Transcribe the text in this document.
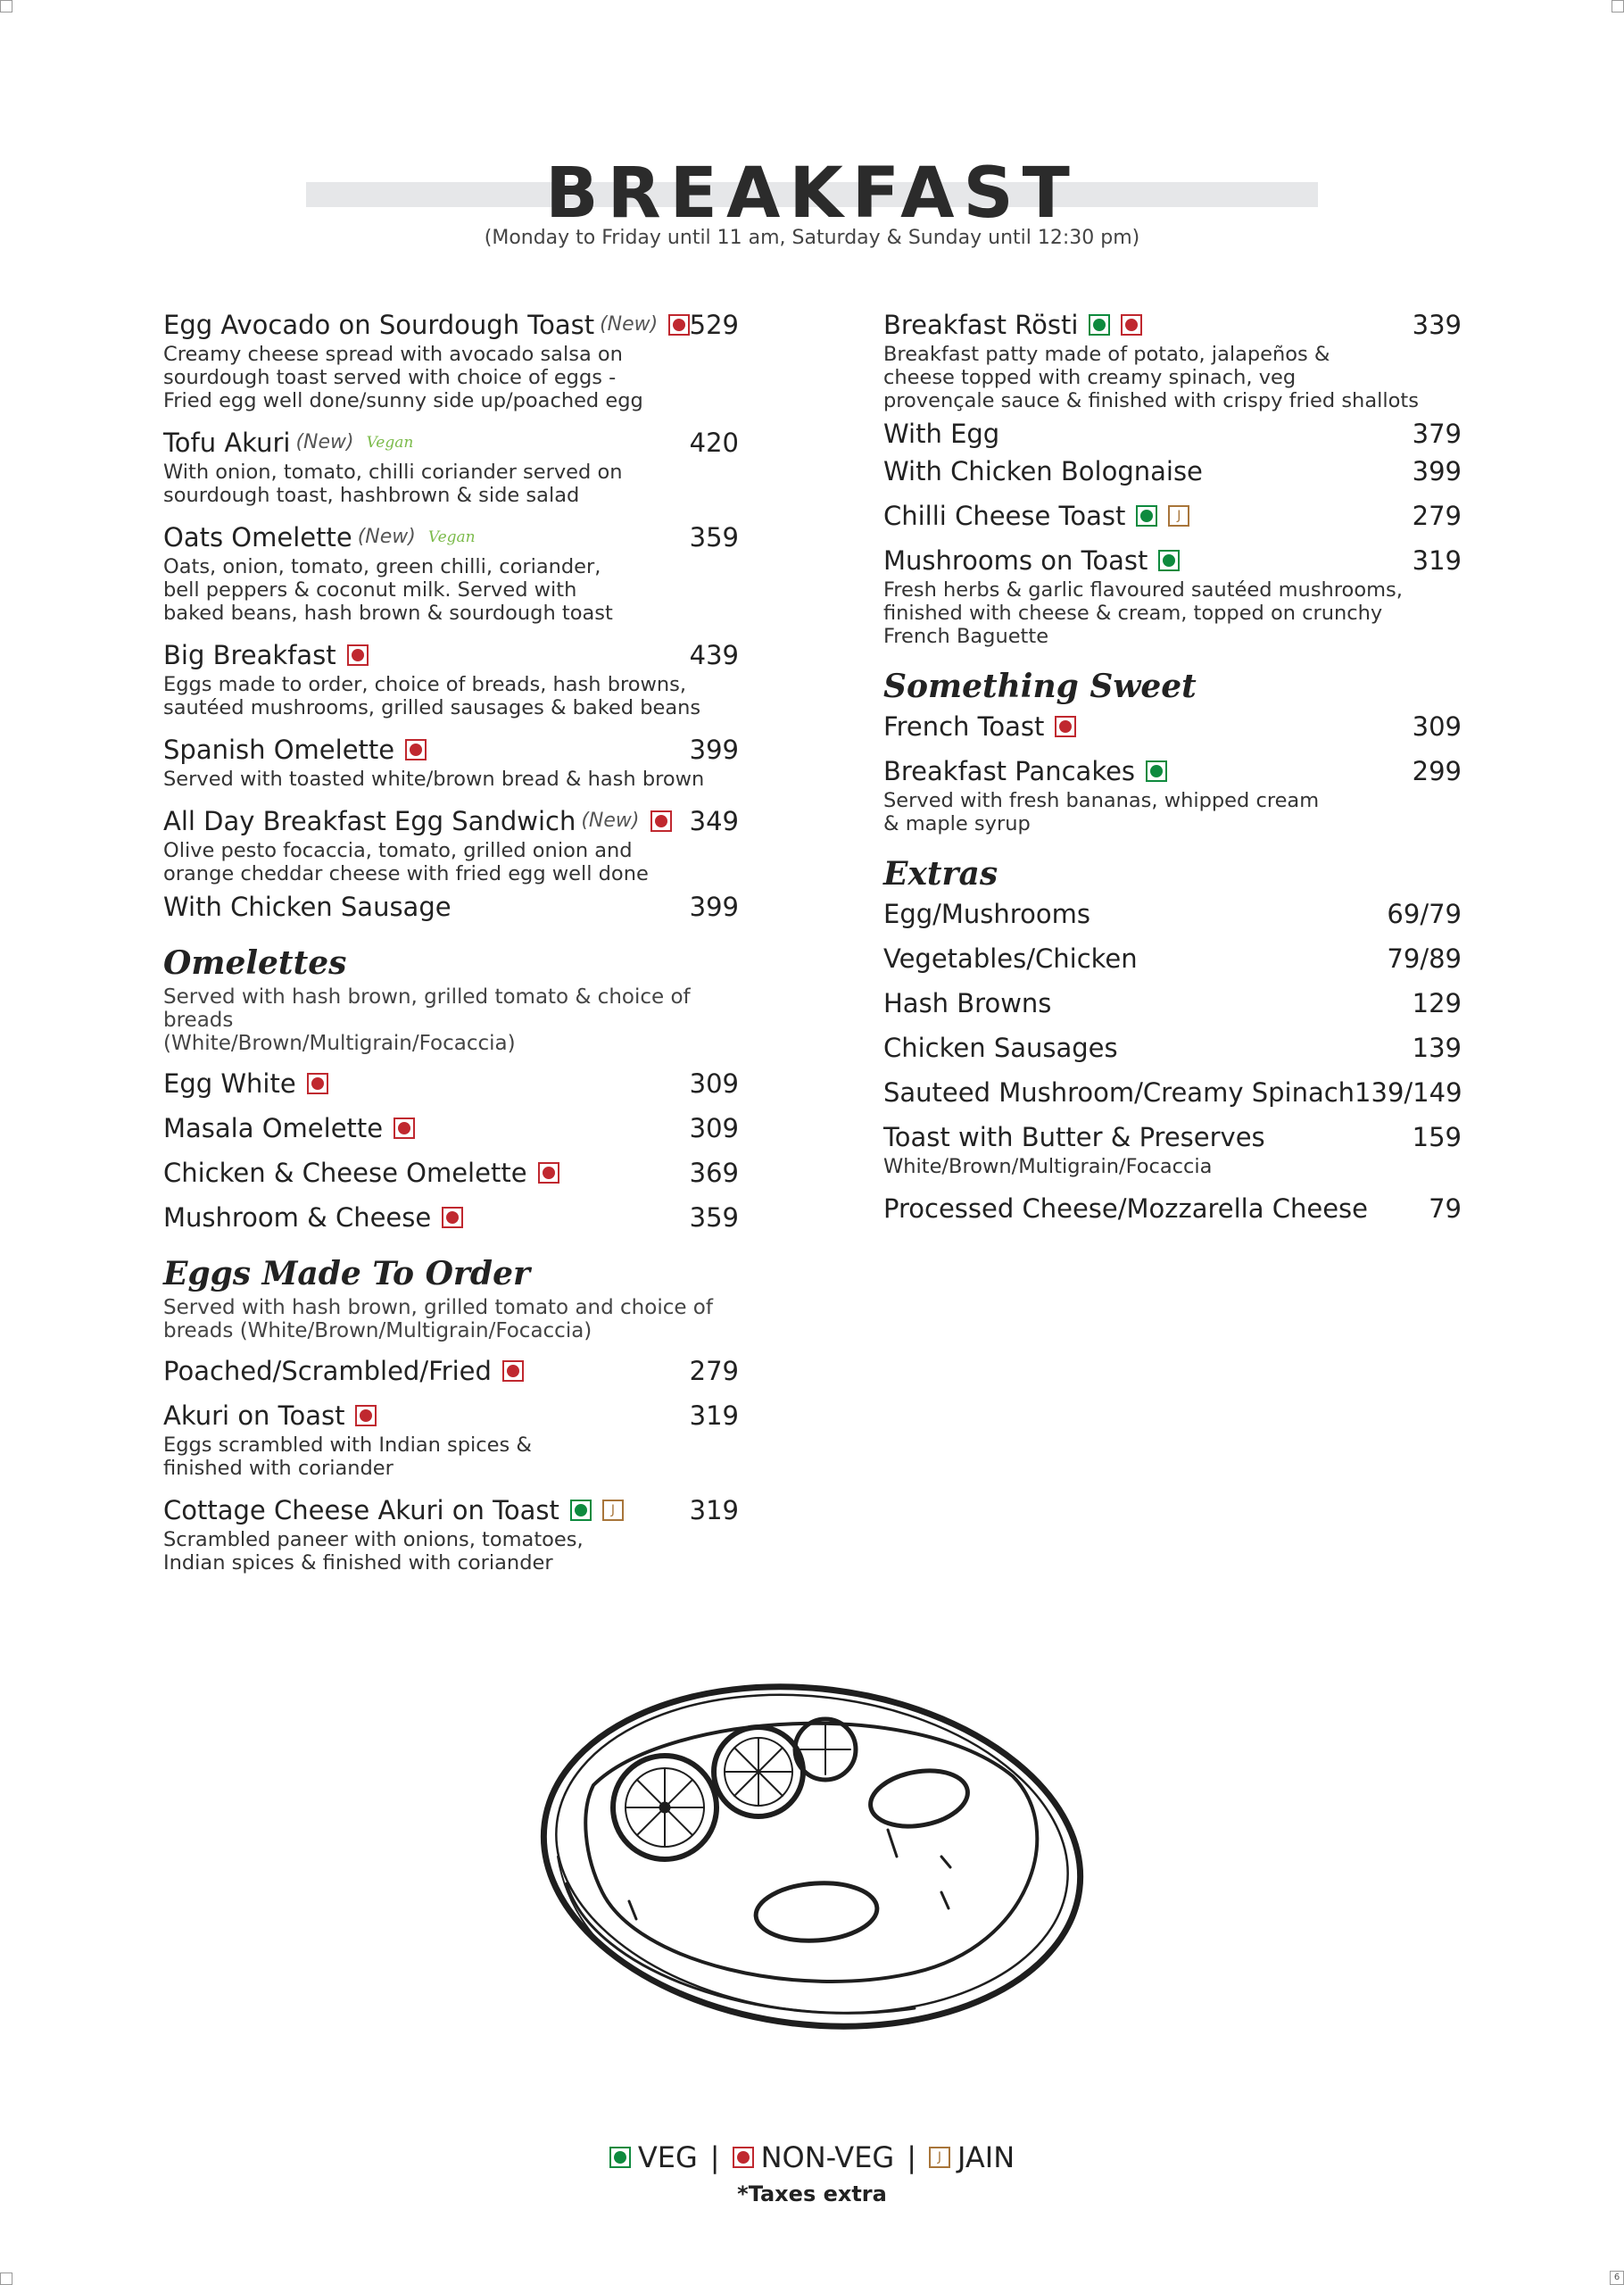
6
BREAKFAST
(Monday to Friday until 11 am, Saturday & Sunday until 12:30 pm)
Egg Avocado on Sourdough Toast (New) 529
Creamy cheese spread with avocado salsa on
sourdough toast served with choice of eggs -
Fried egg well done/sunny side up/poached egg
Tofu Akuri (New) Vegan	420
With onion, tomato, chilli coriander served on
sourdough toast, hashbrown & side salad
Oats Omelette (New) Vegan	359
Oats, onion, tomato, green chilli, coriander,
bell peppers & coconut milk. Served with
baked beans, hash brown & sourdough toast
Big Breakfast	439
Eggs made to order, choice of breads, hash browns,
sautéed mushrooms, grilled sausages & baked beans
Spanish Omelette	399
Served with toasted white/brown bread & hash brown
All Day Breakfast Egg Sandwich (New) 349
Olive pesto focaccia, tomato, grilled onion and
orange cheddar cheese with fried egg well done
With Chicken Sausage	399
Omelettes
Served with hash brown, grilled tomato & choice of breads
(White/Brown/Multigrain/Focaccia)
Egg White	309
Masala Omelette	309
Chicken & Cheese Omelette	369
Mushroom & Cheese	359
Eggs Made To Order
Served with hash brown, grilled tomato and choice of
breads (White/Brown/Multigrain/Focaccia)
Poached/Scrambled/Fried	279
Akuri on Toast	319
Eggs scrambled with Indian spices &
finished with coriander
Cottage Cheese Akuri on Toast	J	319
Scrambled paneer with onions, tomatoes,
Indian spices & finished with coriander
Breakfast Rösti	339
Breakfast patty made of potato, jalapeños &
cheese topped with creamy spinach, veg
provençale sauce & finished with crispy fried shallots
With Egg	379
With Chicken Bolognaise	399
Chilli Cheese Toast	J	279
Mushrooms on Toast	319
Fresh herbs & garlic flavoured sautéed mushrooms,
finished with cheese & cream, topped on crunchy
French Baguette
Something Sweet
French Toast	309
Breakfast Pancakes	299
Served with fresh bananas, whipped cream
& maple syrup
Extras
Egg/Mushrooms	69/79
Vegetables/Chicken	79/89
Hash Browns	129
Chicken Sausages	139
Sauteed Mushroom/Creamy Spinach 139/149
Toast with Butter & Preserves	159
White/Brown/Multigrain/Focaccia
Processed Cheese/Mozzarella Cheese 79
VEG | NON-VEG |	J JAIN
*Taxes extra
